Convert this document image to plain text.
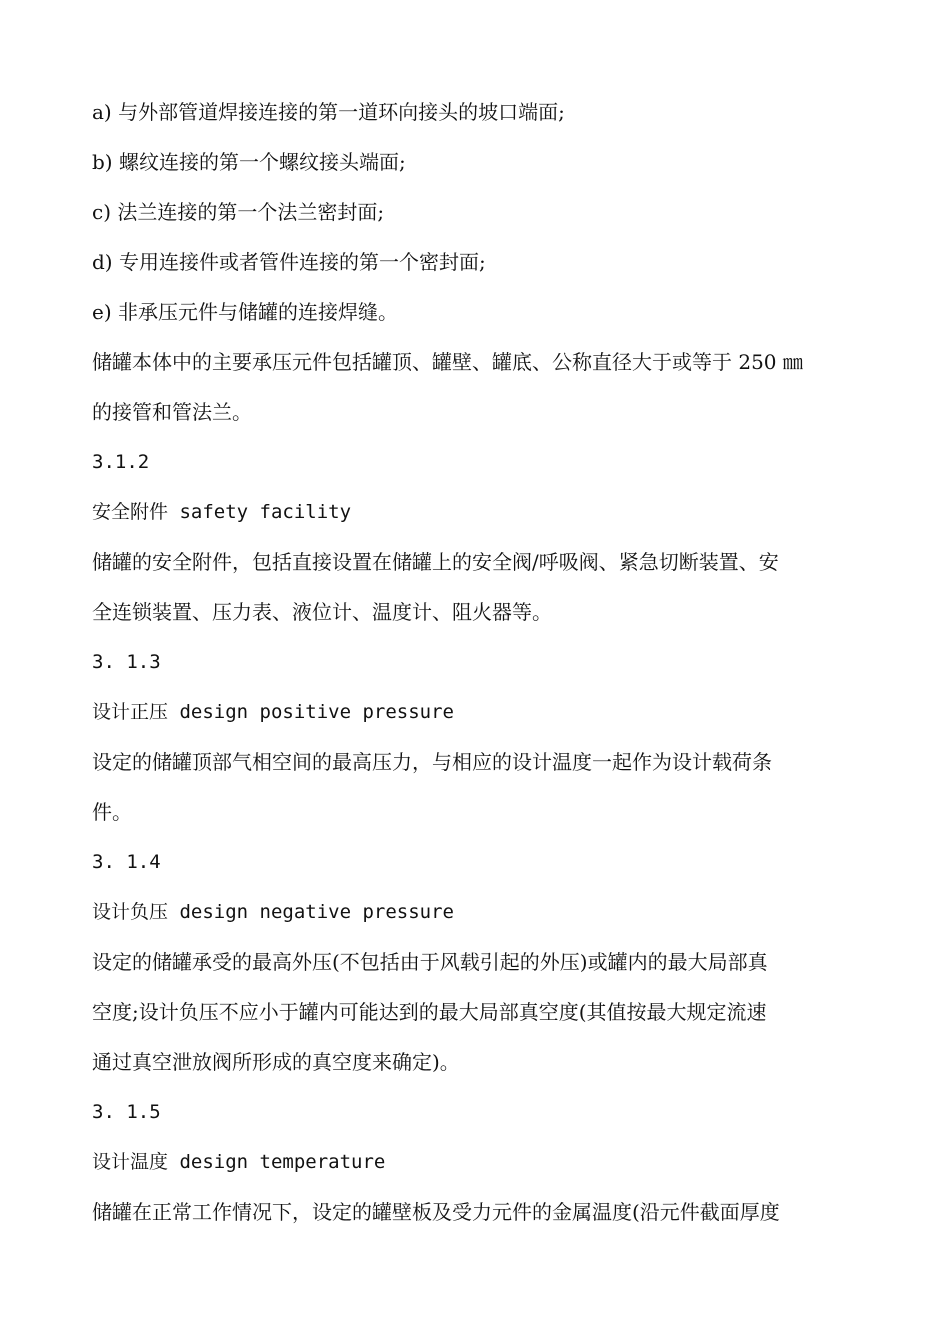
a) 与外部管道焊接连接的第一道环向接头的坡口端面;
b) 螺纹连接的第一个螺纹接头端面;
c) 法兰连接的第一个法兰密封面;
d) 专用连接件或者管件连接的第一个密封面;
e) 非承压元件与储罐的连接焊缝。
储罐本体中的主要承压元件包括罐顶、罐壁、罐底、公称直径大于或等于 250 ㎜
的接管和管法兰。
3.1.2
安全附件 safety facility
储罐的安全附件，包括直接设置在储罐上的安全阀/呼吸阀、紧急切断装置、安
全连锁装置、压力表、液位计、温度计、阻火器等。
3. 1.3
设计正压 design positive pressure
设定的储罐顶部气相空间的最高压力，与相应的设计温度一起作为设计载荷条
件。
3. 1.4
设计负压 design negative pressure
设定的储罐承受的最高外压(不包括由于风载引起的外压)或罐内的最大局部真
空度;设计负压不应小于罐内可能达到的最大局部真空度(其值按最大规定流速
通过真空泄放阀所形成的真空度来确定)。
3. 1.5
设计温度 design temperature
储罐在正常工作情况下，设定的罐壁板及受力元件的金属温度(沿元件截面厚度
